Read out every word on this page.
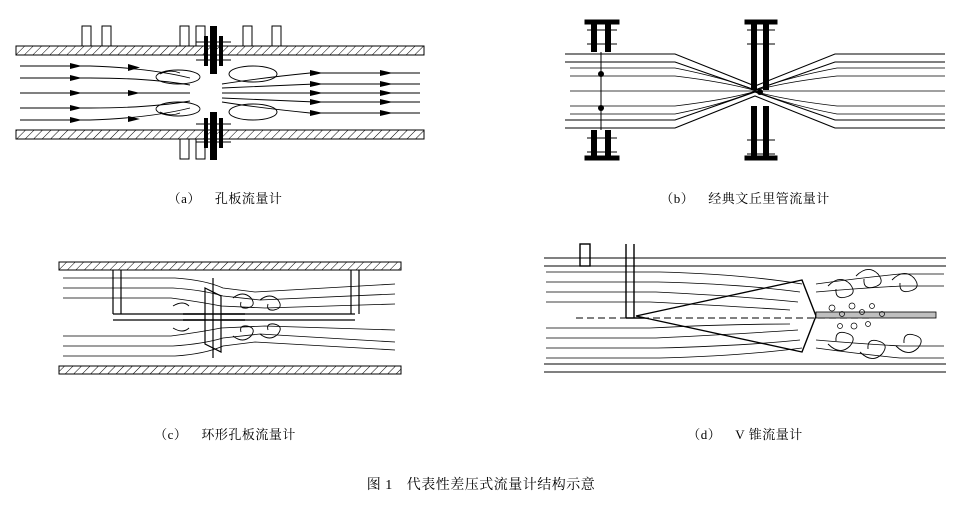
（a） 孔板流量计	（b） 经典文丘里管流量计
（c） 环形孔板流量计	（d） V 锥流量计
图 1 代表性差压式流量计结构示意
